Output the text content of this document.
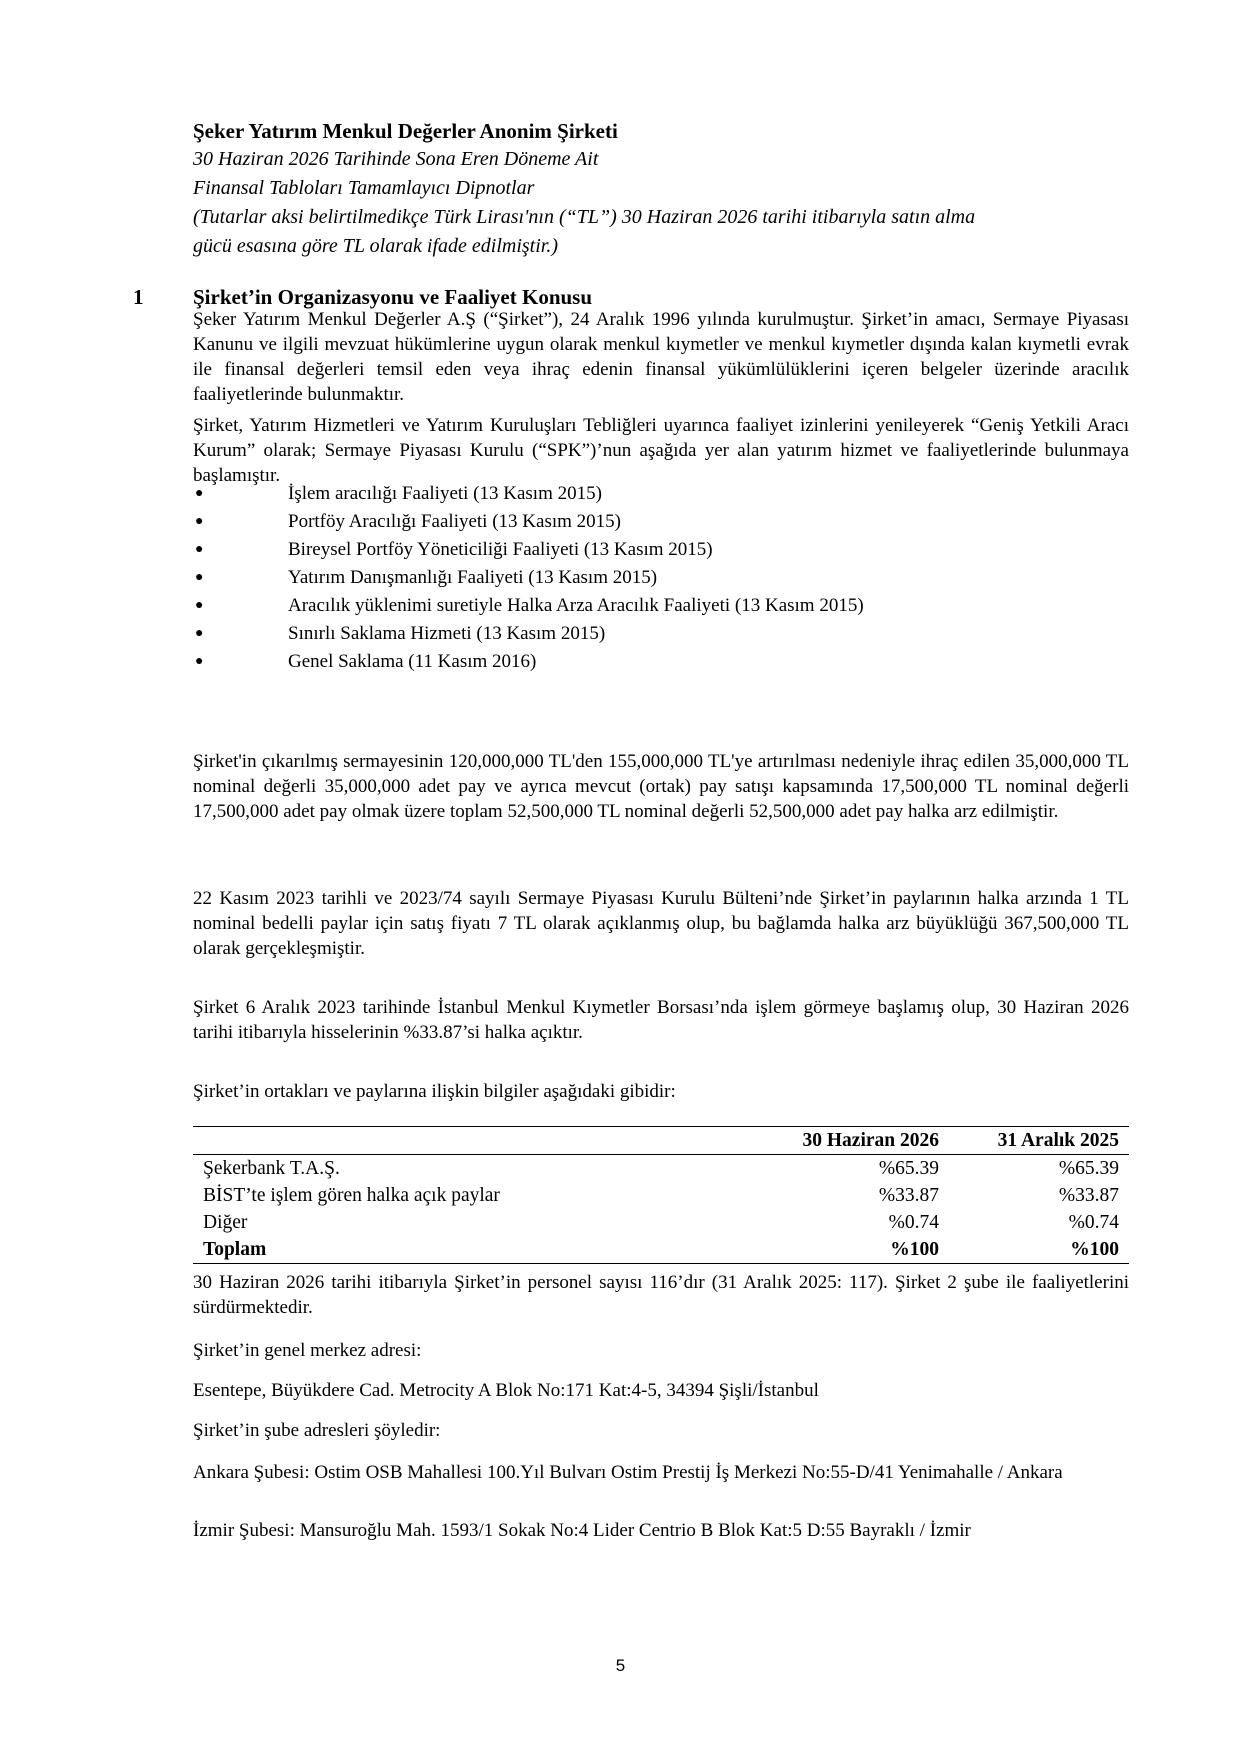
Şeker Yatırım Menkul Değerler Anonim Şirketi
30 Haziran 2026 Tarihinde Sona Eren Döneme Ait
Finansal Tabloları Tamamlayıcı Dipnotlar
(Tutarlar aksi belirtilmedikçe Türk Lirası'nın (“TL”) 30 Haziran 2026 tarihi itibarıyla satın alma
gücü esasına göre TL olarak ifade edilmiştir.)
1 Şirket’in Organizasyonu ve Faaliyet Konusu

Şeker Yatırım Menkul Değerler A.Ş (“Şirket”), 24 Aralık 1996 yılında kurulmuştur. Şirket’in amacı, Sermaye Piyasası Kanunu ve ilgili mevzuat hükümlerine uygun olarak menkul kıymetler ve menkul kıymetler dışında kalan kıymetli evrak ile finansal değerleri temsil eden veya ihraç edenin finansal yükümlülüklerini içeren belgeler üzerinde aracılık faaliyetlerinde bulunmaktır.

Şirket, Yatırım Hizmetleri ve Yatırım Kuruluşları Tebliğleri uyarınca faaliyet izinlerini yenileyerek “Geniş Yetkili Aracı Kurum” olarak; Sermaye Piyasası Kurulu (“SPK”)’nun aşağıda yer alan yatırım hizmet ve faaliyetlerinde bulunmaya başlamıştır.

●	İşlem aracılığı Faaliyeti (13 Kasım 2015)
●	Portföy Aracılığı Faaliyeti (13 Kasım 2015)
●	Bireysel Portföy Yöneticiliği Faaliyeti (13 Kasım 2015)
●	Yatırım Danışmanlığı Faaliyeti (13 Kasım 2015)
●	Aracılık yüklenimi suretiyle Halka Arza Aracılık Faaliyeti (13 Kasım 2015)
●	Sınırlı Saklama Hizmeti (13 Kasım 2015)
●	Genel Saklama (11 Kasım 2016)

Şirket'in çıkarılmış sermayesinin 120,000,000 TL'den 155,000,000 TL'ye artırılması nedeniyle ihraç edilen 35,000,000 TL nominal değerli 35,000,000 adet pay ve ayrıca mevcut (ortak) pay satışı kapsamında 17,500,000 TL nominal değerli 17,500,000 adet pay olmak üzere toplam 52,500,000 TL nominal değerli 52,500,000 adet pay halka arz edilmiştir.

22 Kasım 2023 tarihli ve 2023/74 sayılı Sermaye Piyasası Kurulu Bülteni’nde Şirket’in paylarının halka arzında 1 TL nominal bedelli paylar için satış fiyatı 7 TL olarak açıklanmış olup, bu bağlamda halka arz büyüklüğü 367,500,000 TL olarak gerçekleşmiştir.

Şirket 6 Aralık 2023 tarihinde İstanbul Menkul Kıymetler Borsası’nda işlem görmeye başlamış olup, 30 Haziran 2026 tarihi itibarıyla hisselerinin %33.87’si halka açıktır.

Şirket’in ortakları ve paylarına ilişkin bilgiler aşağıdaki gibidir:

	30 Haziran 2026	31 Aralık 2025
Şekerbank T.A.Ş.	%65.39	%65.39
BİST’te işlem gören halka açık paylar	%33.87	%33.87
Diğer	%0.74	%0.74
Toplam	%100	%100

30 Haziran 2026 tarihi itibarıyla Şirket’in personel sayısı 116’dır (31 Aralık 2025: 117). Şirket 2 şube ile faaliyetlerini sürdürmektedir.

Şirket’in genel merkez adresi:

Esentepe, Büyükdere Cad. Metrocity A Blok No:171 Kat:4-5, 34394 Şişli/İstanbul

Şirket’in şube adresleri şöyledir:

Ankara Şubesi: Ostim OSB Mahallesi 100.Yıl Bulvarı Ostim Prestij İş Merkezi No:55-D/41 Yenimahalle / Ankara

İzmir Şubesi: Mansuroğlu Mah. 1593/1 Sokak No:4 Lider Centrio B Blok Kat:5 D:55 Bayraklı / İzmir

5
